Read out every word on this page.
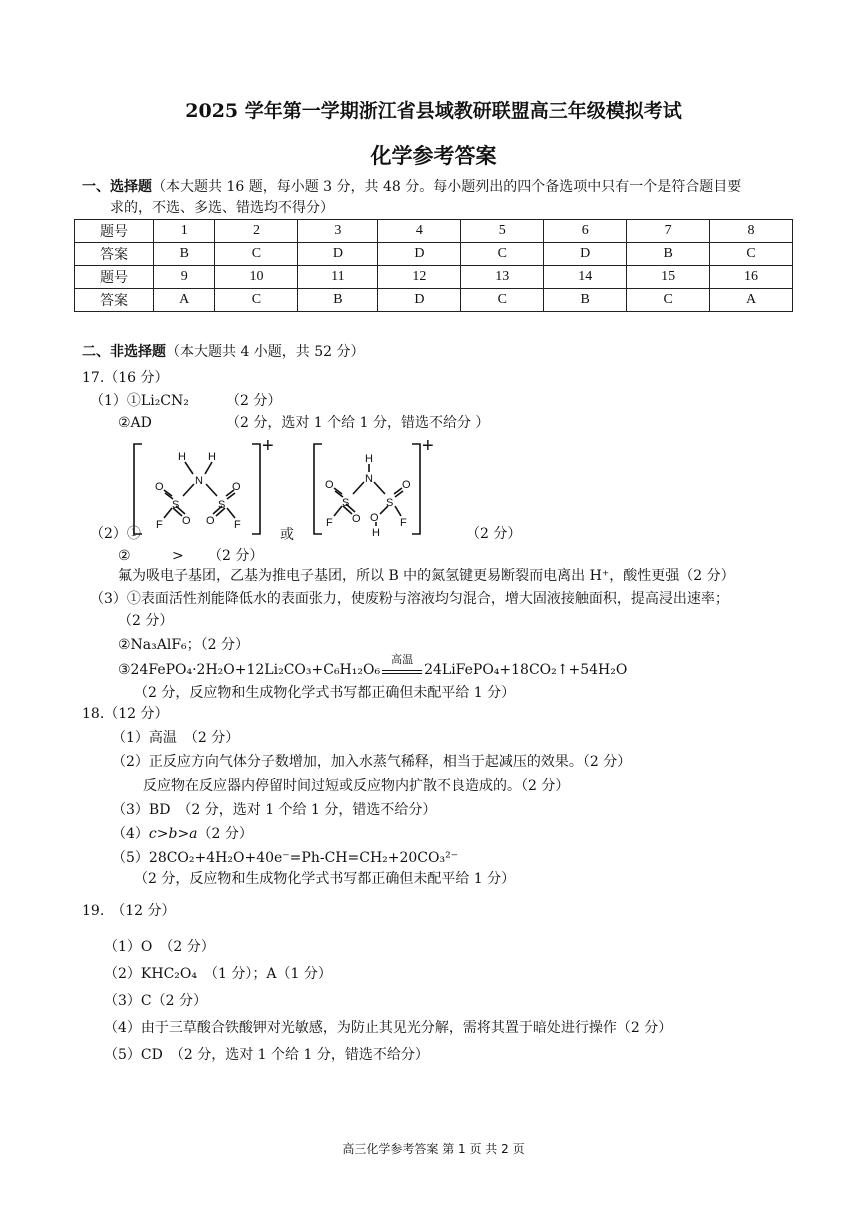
2025 学年第一学期浙江省县域教研联盟高三年级模拟考试
化学参考答案
一、选择题（本大题共 16 题，每小题 3 分，共 48 分。每小题列出的四个备选项中只有一个是符合题目要
求的，不选、多选、错选均不得分）
题号	1	2	3	4	5	6	7	8
答案	B	C	D	D	C	D	B	C
题号	9	10	11	12	13	14	15	16
答案	A	C	B	D	C	B	C	A
二、非选择题（本大题共 4 小题，共 52 分）
17.（16 分）
（1）①Li₂CN₂	（2 分）
②AD	（2 分，选对 1 个给 1 分，错选不给分 ）
H H
N
S	S
O
O
O
O
F	F
+
或
H
N
S	S
O
O
O
O
H
F	F
+
（2）①	（2 分）
②	> （2 分）
氟为吸电子基团，乙基为推电子基团，所以 B 中的氮氢键更易断裂而电离出 H⁺，酸性更强（2 分）
（3）①表面活性剂能降低水的表面张力，使废粉与溶液均匀混合，增大固液接触面积，提高浸出速率；
（2 分）
②Na₃AlF₆；（2 分）
③24FePO₄·2H₂O+12Li₂CO₃+C₆H₁₂O₆
高温
24LiFePO₄+18CO₂↑+54H₂O
（2 分，反应物和生成物化学式书写都正确但未配平给 1 分）
18.（12 分）
（1）高温　（2 分）
（2）正反应方向气体分子数增加，加入水蒸气稀释，相当于起减压的效果。（2 分）
反应物在反应器内停留时间过短或反应物内扩散不良造成的。（2 分）
（3）BD　（2 分，选对 1 个给 1 分，错选不给分）
（4）c>b>a（2 分）
（5）28CO₂+4H₂O+40e⁻=Ph-CH=CH₂+20CO₃²⁻
（2 分，反应物和生成物化学式书写都正确但未配平给 1 分）
19.　（12 分）
（1）O　（2 分）
（2）KHC₂O₄　（1 分）；A（1 分）
（3）C（2 分）
（4）由于三草酸合铁酸钾对光敏感，为防止其见光分解，需将其置于暗处进行操作（2 分）
（5）CD　（2 分，选对 1 个给 1 分，错选不给分）
高三化学参考答案 第 1 页 共 2 页
